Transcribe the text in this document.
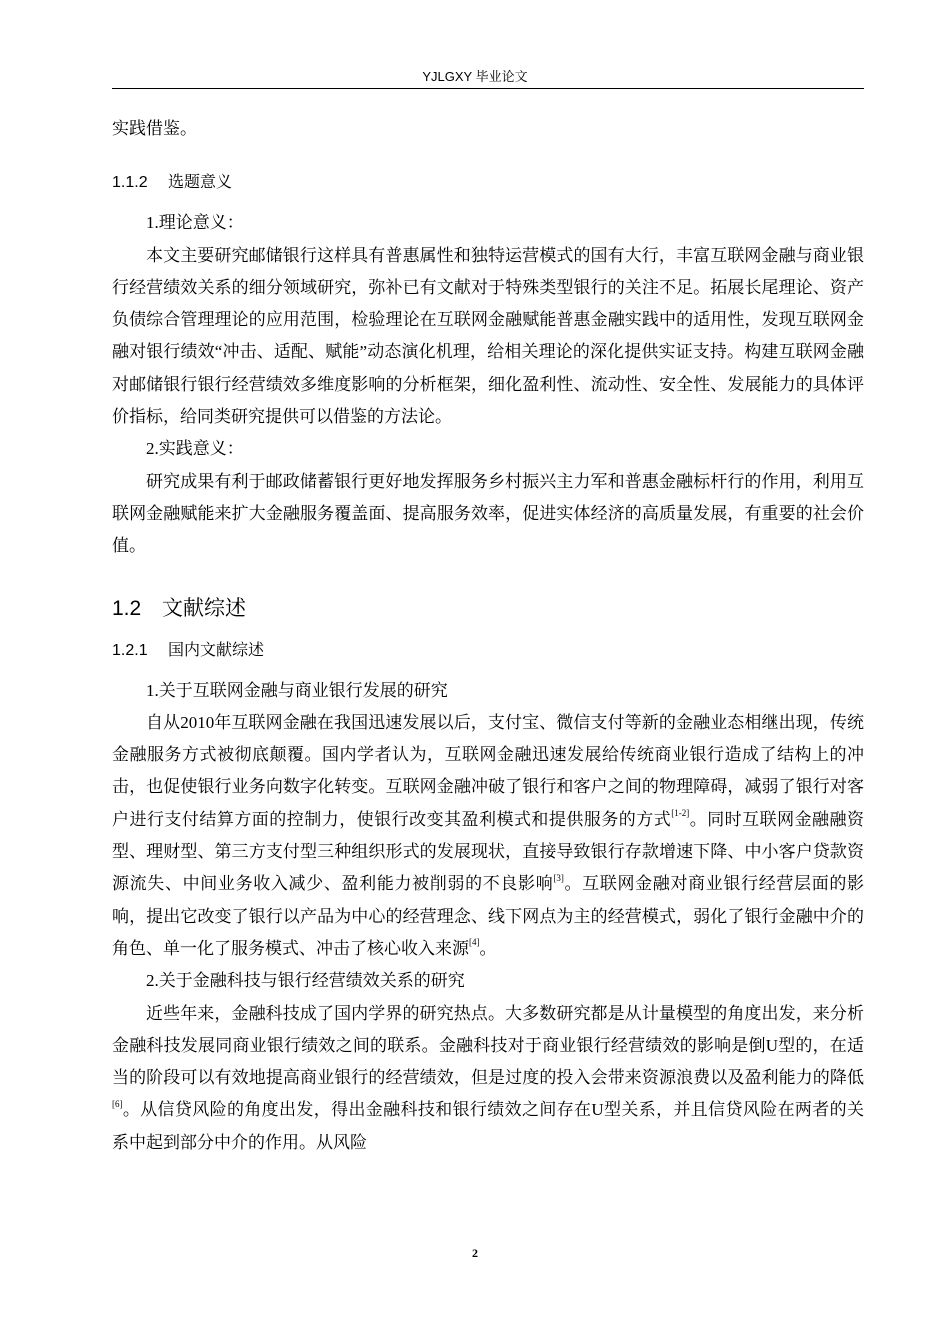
YJLGXY 毕业论文

实践借鉴。

1.1.2 选题意义

1.理论意义：

本文主要研究邮储银行这样具有普惠属性和独特运营模式的国有大行，丰富互联网金融与商业银行经营绩效关系的细分领域研究，弥补已有文献对于特殊类型银行的关注不足。拓展长尾理论、资产负债综合管理理论的应用范围，检验理论在互联网金融赋能普惠金融实践中的适用性，发现互联网金融对银行绩效“冲击、适配、赋能”动态演化机理，给相关理论的深化提供实证支持。构建互联网金融对邮储银行银行经营绩效多维度影响的分析框架，细化盈利性、流动性、安全性、发展能力的具体评价指标，给同类研究提供可以借鉴的方法论。

2.实践意义：

研究成果有利于邮政储蓄银行更好地发挥服务乡村振兴主力军和普惠金融标杆行的作用，利用互联网金融赋能来扩大金融服务覆盖面、提高服务效率，促进实体经济的高质量发展，有重要的社会价值。

1.2 文献综述
1.2.1 国内文献综述

1.关于互联网金融与商业银行发展的研究

自从2010年互联网金融在我国迅速发展以后，支付宝、微信支付等新的金融业态相继出现，传统金融服务方式被彻底颠覆。国内学者认为，互联网金融迅速发展给传统商业银行造成了结构上的冲击，也促使银行业务向数字化转变。互联网金融冲破了银行和客户之间的物理障碍，减弱了银行对客户进行支付结算方面的控制力，使银行改变其盈利模式和提供服务的方式[1-2]。同时互联网金融融资型、理财型、第三方支付型三种组织形式的发展现状，直接导致银行存款增速下降、中小客户贷款资源流失、中间业务收入减少、盈利能力被削弱的不良影响[3]。互联网金融对商业银行经营层面的影响，提出它改变了银行以产品为中心的经营理念、线下网点为主的经营模式，弱化了银行金融中介的角色、单一化了服务模式、冲击了核心收入来源[4]。

2.关于金融科技与银行经营绩效关系的研究

近些年来，金融科技成了国内学界的研究热点。大多数研究都是从计量模型的角度出发，来分析金融科技发展同商业银行绩效之间的联系。金融科技对于商业银行经营绩效的影响是倒U型的，在适当的阶段可以有效地提高商业银行的经营绩效，但是过度的投入会带来资源浪费以及盈利能力的降低[6]。从信贷风险的角度出发，得出金融科技和银行绩效之间存在U型关系，并且信贷风险在两者的关系中起到部分中介的作用。从风险

2
